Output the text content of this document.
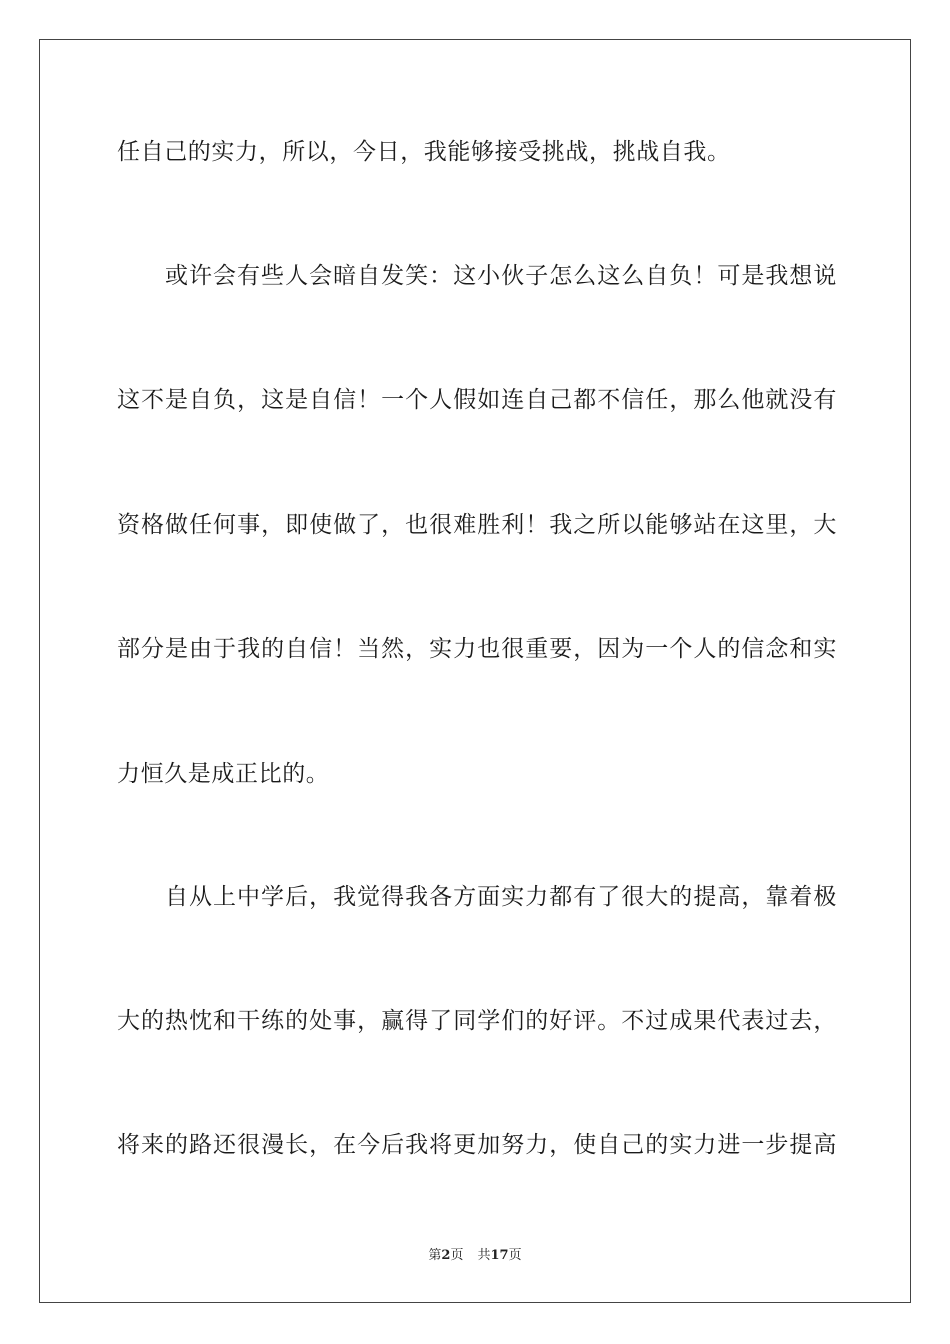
任自己的实力，所以，今日，我能够接受挑战，挑战自我。
或许会有些人会暗自发笑：这小伙子怎么这么自负！可是我想说
这不是自负，这是自信！一个人假如连自己都不信任，那么他就没有
资格做任何事，即使做了，也很难胜利！我之所以能够站在这里，大
部分是由于我的自信！当然，实力也很重要，因为一个人的信念和实
力恒久是成正比的。
自从上中学后，我觉得我各方面实力都有了很大的提高，靠着极
大的热忱和干练的处事，赢得了同学们的好评。不过成果代表过去，
将来的路还很漫长，在今后我将更加努力，使自己的实力进一步提高
第2页 共17页
